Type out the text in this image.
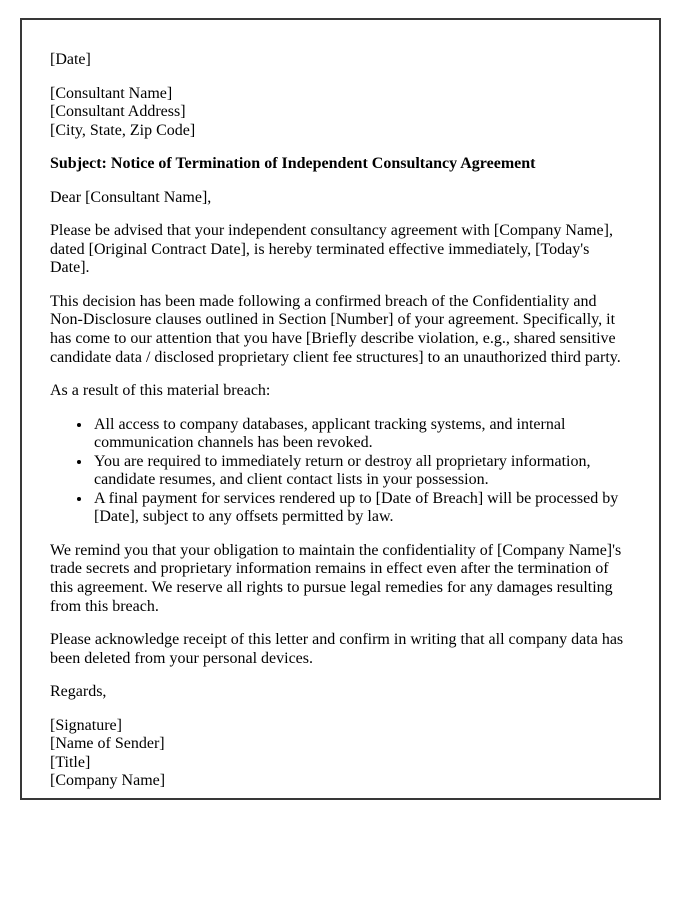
[Date]

[Consultant Name]
[Consultant Address]
[City, State, Zip Code]

Subject: Notice of Termination of Independent Consultancy Agreement

Dear [Consultant Name],

Please be advised that your independent consultancy agreement with [Company Name], dated [Original Contract Date], is hereby terminated effective immediately, [Today's Date].

This decision has been made following a confirmed breach of the Confidentiality and Non-Disclosure clauses outlined in Section [Number] of your agreement. Specifically, it has come to our attention that you have [Briefly describe violation, e.g., shared sensitive candidate data / disclosed proprietary client fee structures] to an unauthorized third party.

As a result of this material breach:

• All access to company databases, applicant tracking systems, and internal communication channels has been revoked.
• You are required to immediately return or destroy all proprietary information, candidate resumes, and client contact lists in your possession.
• A final payment for services rendered up to [Date of Breach] will be processed by [Date], subject to any offsets permitted by law.

We remind you that your obligation to maintain the confidentiality of [Company Name]'s trade secrets and proprietary information remains in effect even after the termination of this agreement. We reserve all rights to pursue legal remedies for any damages resulting from this breach.

Please acknowledge receipt of this letter and confirm in writing that all company data has been deleted from your personal devices.

Regards,

[Signature]
[Name of Sender]
[Title]
[Company Name]
